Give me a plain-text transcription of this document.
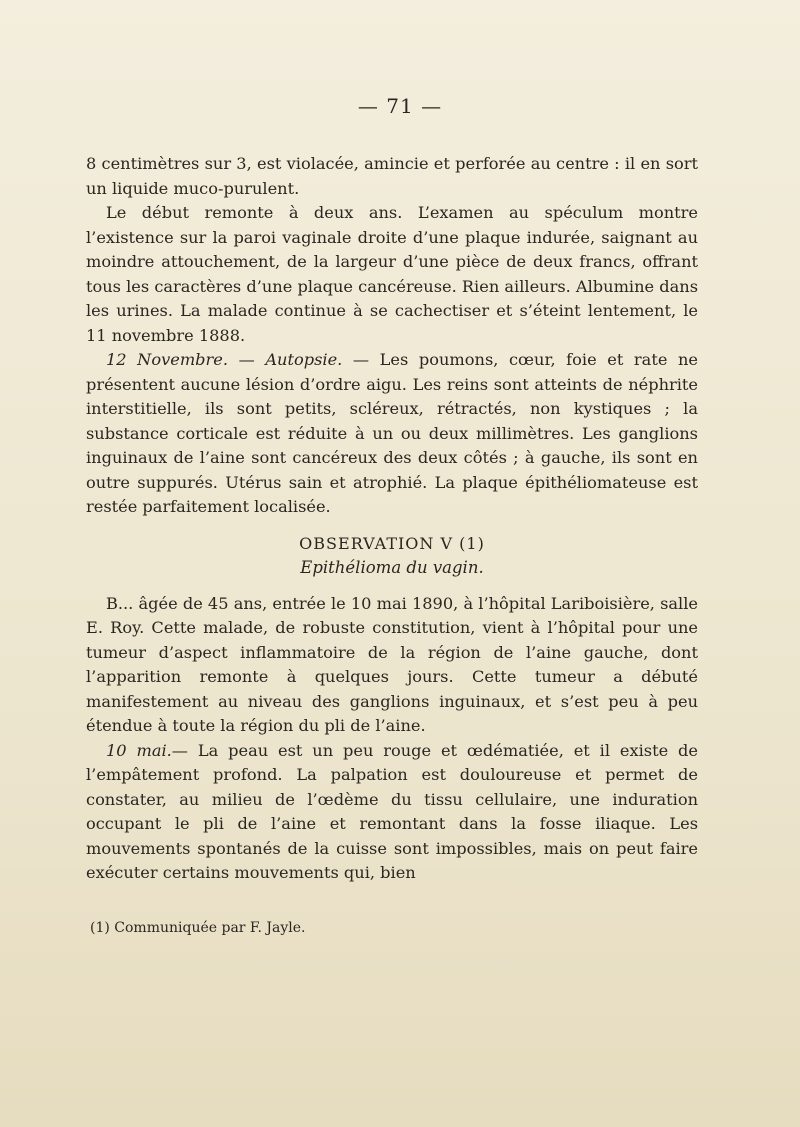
— 71 —

8 centimètres sur 3, est violacée, amincie et perforée au centre : il en sort un liquide muco-purulent.

Le début remonte à deux ans. L’examen au spéculum montre l’existence sur la paroi vaginale droite d’une plaque indurée, saignant au moindre attouchement, de la largeur d’une pièce de deux francs, offrant tous les caractères d’une plaque cancéreuse. Rien ailleurs. Albumine dans les urines. La malade continue à se cachectiser et s’éteint lentement, le 11 novembre 1888.

12 Novembre. — Autopsie. — Les poumons, cœur, foie et rate ne présentent aucune lésion d’ordre aigu. Les reins sont atteints de néphrite interstitielle, ils sont petits, scléreux, rétractés, non kystiques ; la substance corticale est réduite à un ou deux millimètres. Les ganglions inguinaux de l’aine sont cancéreux des deux côtés ; à gauche, ils sont en outre suppurés. Utérus sain et atrophié. La plaque épithéliomateuse est restée parfaitement localisée.

OBSERVATION V (1)
Epithélioma du vagin.

B... âgée de 45 ans, entrée le 10 mai 1890, à l’hôpital Lariboisière, salle E. Roy. Cette malade, de robuste constitution, vient à l’hôpital pour une tumeur d’aspect inflammatoire de la région de l’aine gauche, dont l’apparition remonte à quelques jours. Cette tumeur a débuté manifestement au niveau des ganglions inguinaux, et s’est peu à peu étendue à toute la région du pli de l’aine.

10 mai.— La peau est un peu rouge et œdématiée, et il existe de l’empâtement profond. La palpation est douloureuse et permet de constater, au milieu de l’œdème du tissu cellulaire, une induration occupant le pli de l’aine et remontant dans la fosse iliaque. Les mouvements spontanés de la cuisse sont impossibles, mais on peut faire exécuter certains mouvements qui, bien

(1) Communiquée par F. Jayle.
